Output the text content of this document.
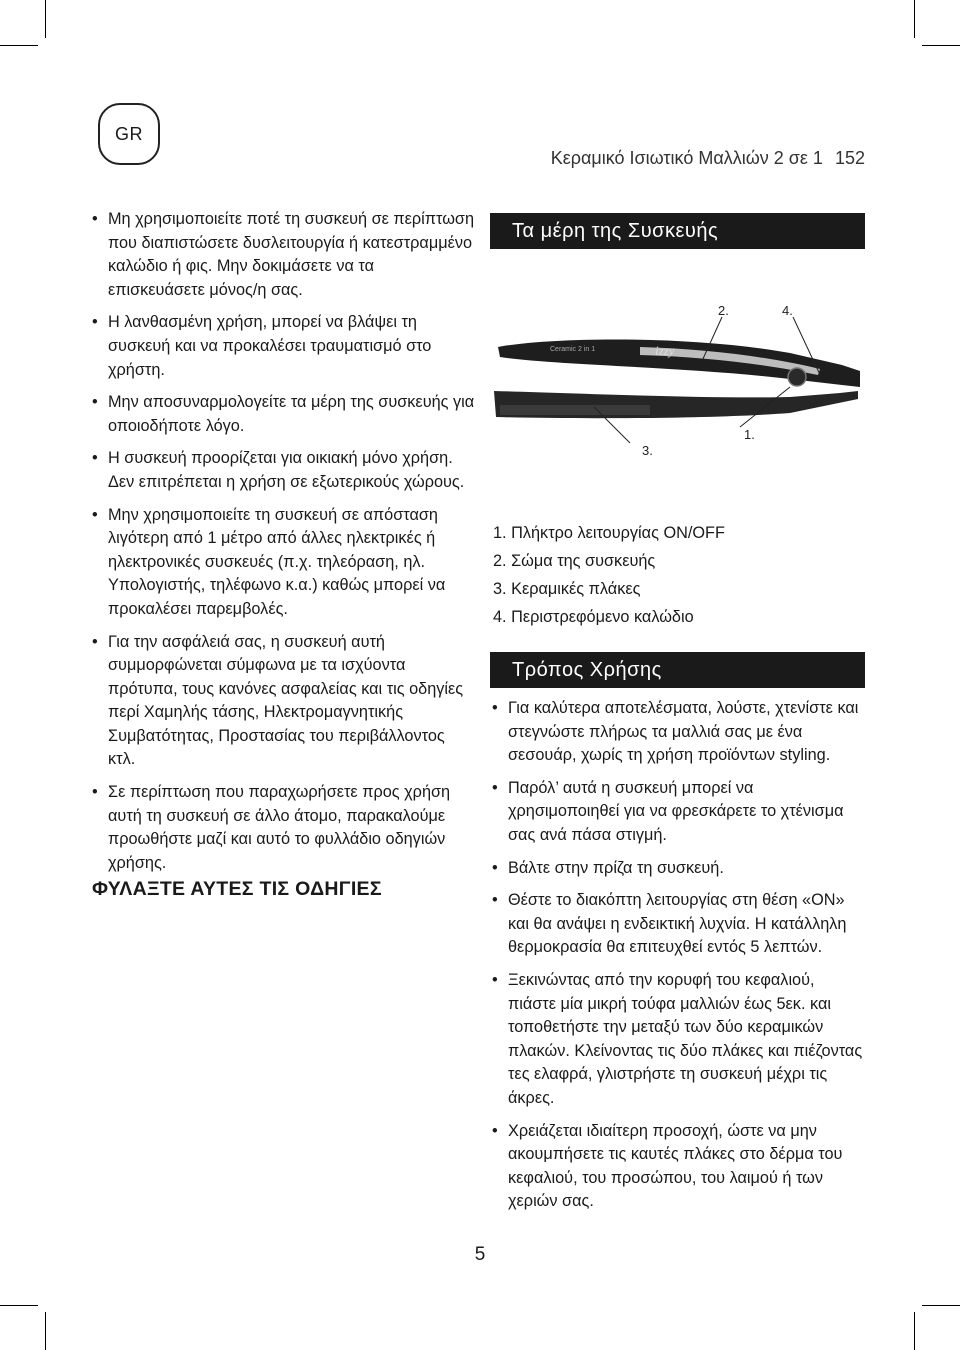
GR
Κεραμικό Ισιωτικό Μαλλιών 2 σε 1 152
• Μη χρησιμοποιείτε ποτέ τη συσκευή σε περίπτωση που διαπιστώσετε δυσλειτουργία ή κατεστραμμένο καλώδιο ή φις. Μην δοκιμάσετε να τα επισκευάσετε μόνος/η σας.
• Η λανθασμένη χρήση, μπορεί να βλάψει τη συσκευή και να προκαλέσει τραυματισμό στο χρήστη.
• Μην αποσυναρμολογείτε τα μέρη της συσκευής για οποιοδήποτε λόγο.
• Η συσκευή προορίζεται για οικιακή μόνο χρήση. Δεν επιτρέπεται η χρήση σε εξωτερικούς χώρους.
• Μην χρησιμοποιείτε τη συσκευή σε απόσταση λιγότερη από 1 μέτρο από άλλες ηλεκτρικές ή ηλεκτρονικές συσκευές (π.χ. τηλεόραση, ηλ. Υπολογιστής, τηλέφωνο κ.α.) καθώς μπορεί να προκαλέσει παρεμβολές.
• Για την ασφάλειά σας, η συσκευή αυτή συμμορφώνεται σύμφωνα με τα ισχύοντα πρότυπα, τους κανόνες ασφαλείας και τις οδηγίες περί Χαμηλής τάσης, Ηλεκτρομαγνητικής Συμβατότητας, Προστασίας του περιβάλλοντος κτλ.
• Σε περίπτωση που παραχωρήσετε προς χρήση αυτή τη συσκευή σε άλλο άτομο, παρακαλούμε προωθήστε μαζί και αυτό το φυλλάδιο οδηγιών χρήσης.
ΦΥΛΑΞΤΕ ΑΥΤΕΣ ΤΙΣ ΟΔΗΓΙΕΣ
Τα μέρη της Συσκευής
Ceramic 2 in 1	izzy
2.	4.
3.
1.
1. Πλήκτρο λειτουργίας ON/OFF
2. Σώμα της συσκευής
3. Κεραμικές πλάκες
4. Περιστρεφόμενο καλώδιο
Τρόπος Χρήσης
• Για καλύτερα αποτελέσματα, λούστε, χτενίστε και στεγνώστε πλήρως τα μαλλιά σας με ένα σεσουάρ, χωρίς τη χρήση προϊόντων styling.
• Παρόλ’ αυτά η συσκευή μπορεί να χρησιμοποιηθεί για να φρεσκάρετε το χτένισμα σας ανά πάσα στιγμή.
• Βάλτε στην πρίζα τη συσκευή.
• Θέστε το διακόπτη λειτουργίας στη θέση «ON» και θα ανάψει η ενδεικτική λυχνία. Η κατάλληλη θερμοκρασία θα επιτευχθεί εντός 5 λεπτών.
• Ξεκινώντας από την κορυφή του κεφαλιού, πιάστε μία μικρή τούφα μαλλιών έως 5εκ. και τοποθετήστε την μεταξύ των δύο κεραμικών πλακών. Κλείνοντας τις δύο πλάκες και πιέζοντας τες ελαφρά, γλιστρήστε τη συσκευή μέχρι τις άκρες.
• Χρειάζεται ιδιαίτερη προσοχή, ώστε να μην ακουμπήσετε τις καυτές πλάκες στο δέρμα του κεφαλιού, του προσώπου, του λαιμού ή των χεριών σας.
5
